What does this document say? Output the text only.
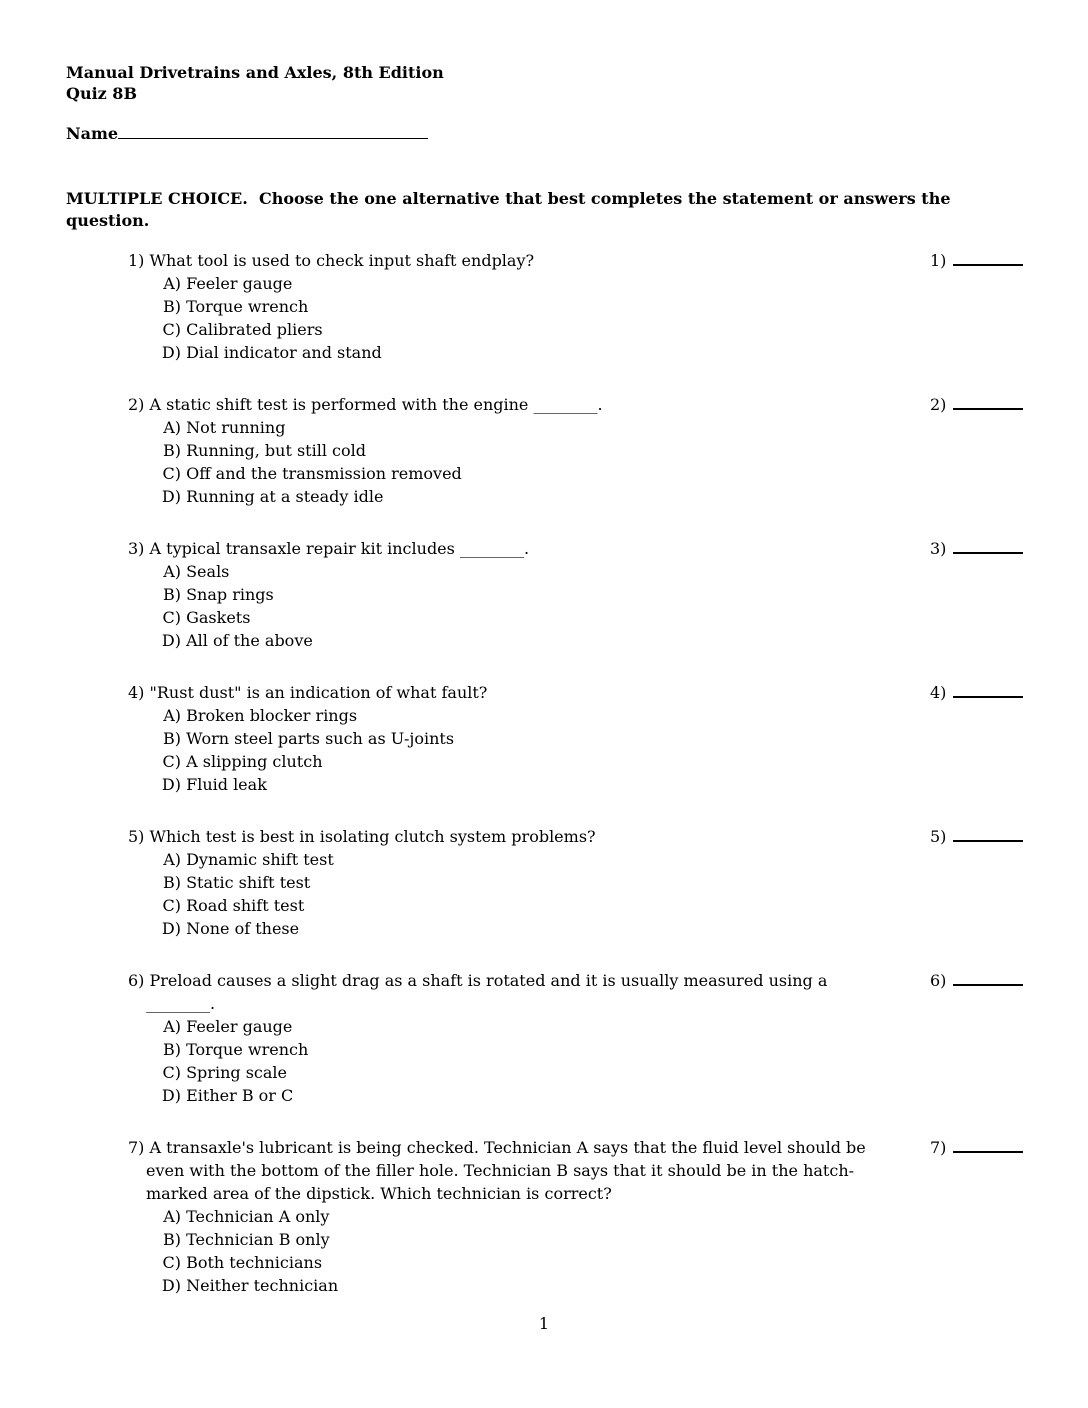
Manual Drivetrains and Axles, 8th Edition
Quiz 8B
Name
MULTIPLE CHOICE.  Choose the one alternative that best completes the statement or answers the question.
1) What tool is used to check input shaft endplay?
A) Feeler gauge
B) Torque wrench
C) Calibrated pliers
D) Dial indicator and stand
1)
2) A static shift test is performed with the engine ________.
A) Not running
B) Running, but still cold
C) Off and the transmission removed
D) Running at a steady idle
2)
3) A typical transaxle repair kit includes ________.
A) Seals
B) Snap rings
C) Gaskets
D) All of the above
3)
4) "Rust dust" is an indication of what fault?
A) Broken blocker rings
B) Worn steel parts such as U-joints
C) A slipping clutch
D) Fluid leak
4)
5) Which test is best in isolating clutch system problems?
A) Dynamic shift test
B) Static shift test
C) Road shift test
D) None of these
5)
6) Preload causes a slight drag as a shaft is rotated and it is usually measured using a ________.
A) Feeler gauge
B) Torque wrench
C) Spring scale
D) Either B or C
6)
7) A transaxle's lubricant is being checked. Technician A says that the fluid level should be even with the bottom of the filler hole. Technician B says that it should be in the hatch-marked area of the dipstick. Which technician is correct?
A) Technician A only
B) Technician B only
C) Both technicians
D) Neither technician
7)
1
